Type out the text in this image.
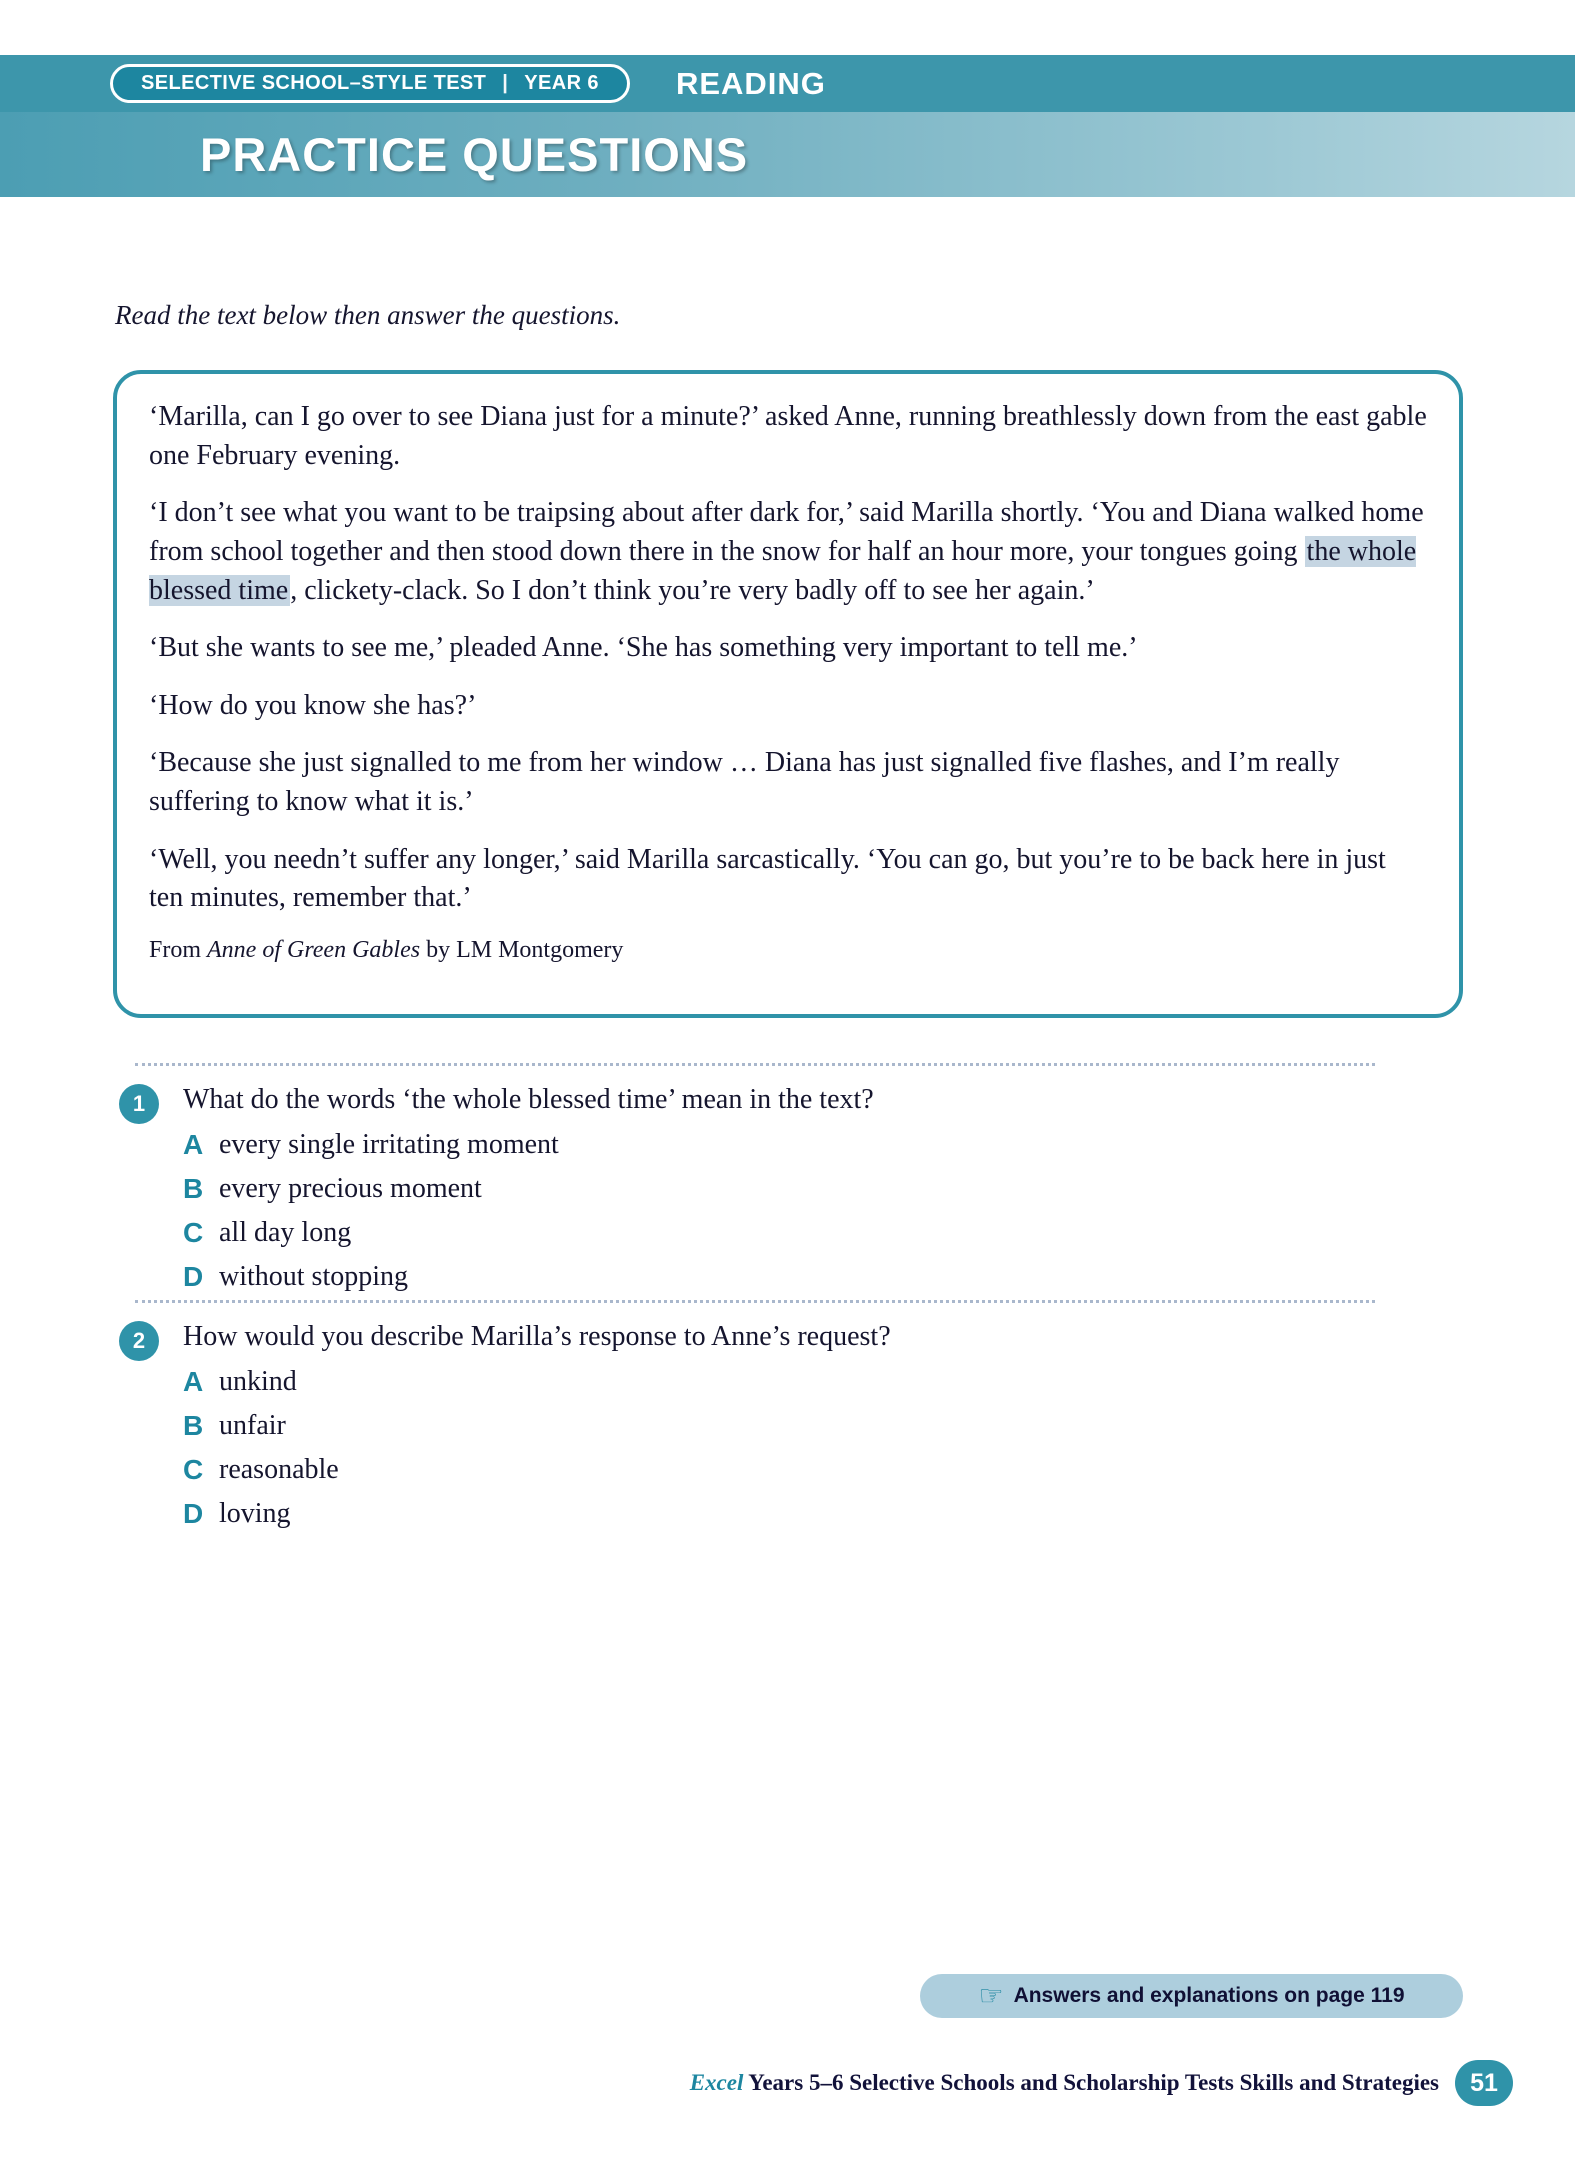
SELECTIVE SCHOOL–STYLE TEST | YEAR 6 READING
PRACTICE QUESTIONS
Read the text below then answer the questions.

‘Marilla, can I go over to see Diana just for a minute?’ asked Anne, running breathlessly down from the east gable one February evening.

‘I don’t see what you want to be traipsing about after dark for,’ said Marilla shortly. ‘You and Diana walked home from school together and then stood down there in the snow for half an hour more, your tongues going the whole blessed time, clickety-clack. So I don’t think you’re very badly off to see her again.’

‘But she wants to see me,’ pleaded Anne. ‘She has something very important to tell me.’

‘How do you know she has?’

‘Because she just signalled to me from her window … Diana has just signalled five flashes, and I’m really suffering to know what it is.’

‘Well, you needn’t suffer any longer,’ said Marilla sarcastically. ‘You can go, but you’re to be back here in just ten minutes, remember that.’

From Anne of Green Gables by LM Montgomery
1	What do the words ‘the whole blessed time’ mean in the text?
A every single irritating moment
B every precious moment
C all day long
D without stopping
2	How would you describe Marilla’s response to Anne’s request?
A unkind
B unfair
C reasonable
D loving
☞ Answers and explanations on page 119
Excel Years 5–6 Selective Schools and Scholarship Tests Skills and Strategies	51
